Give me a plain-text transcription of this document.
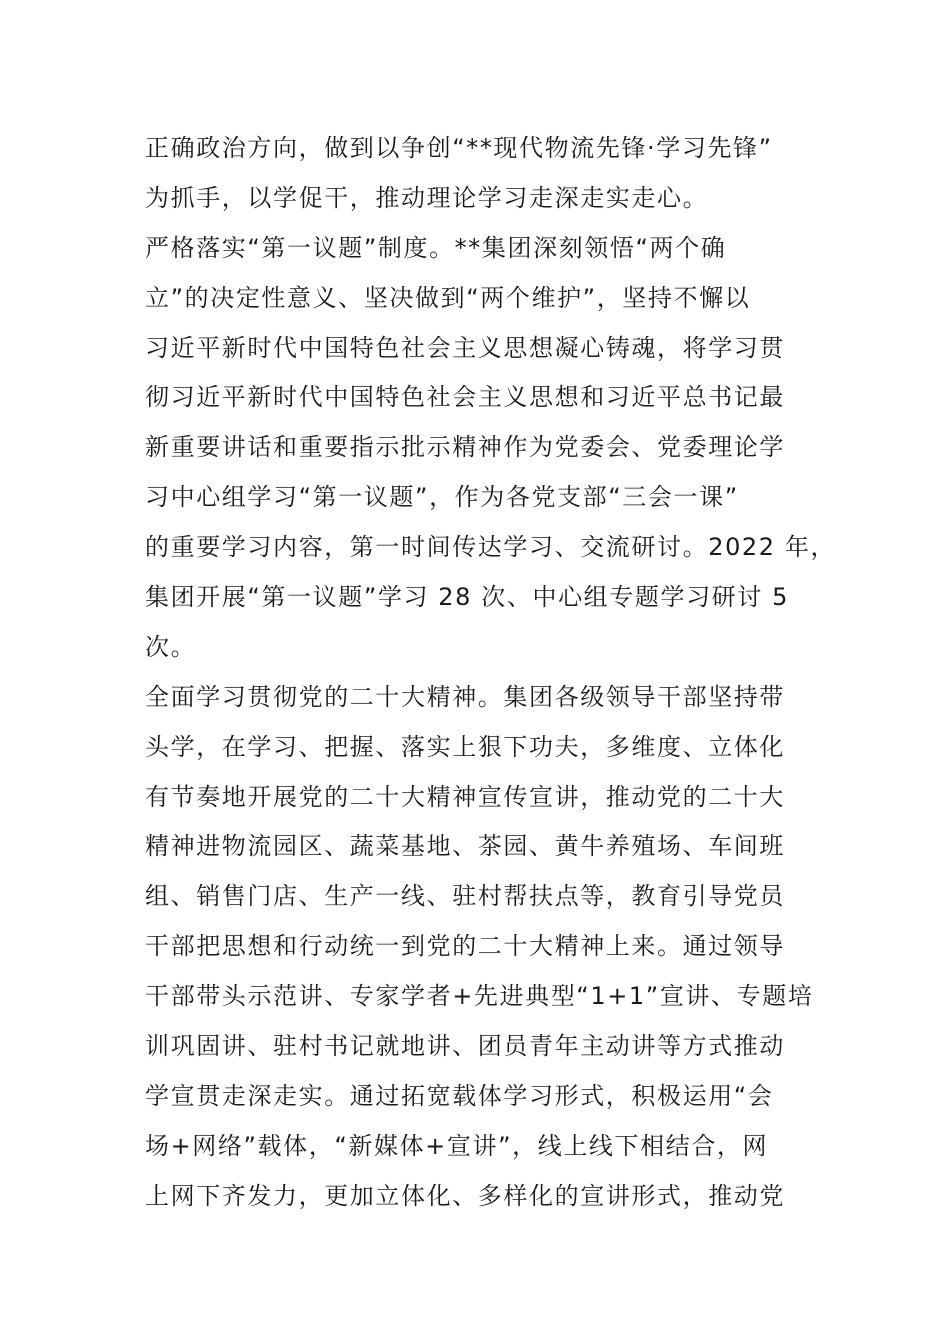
正确政治方向，做到以争创“**现代物流先锋·学习先锋”
为抓手，以学促干，推动理论学习走深走实走心。
严格落实“第一议题”制度。**集团深刻领悟“两个确
立”的决定性意义、坚决做到“两个维护”，坚持不懈以
习近平新时代中国特色社会主义思想凝心铸魂，将学习贯
彻习近平新时代中国特色社会主义思想和习近平总书记最
新重要讲话和重要指示批示精神作为党委会、党委理论学
习中心组学习“第一议题”，作为各党支部“三会一课”
的重要学习内容，第一时间传达学习、交流研讨。2022 年，
集团开展“第一议题”学习 28 次、中心组专题学习研讨 5
次。
全面学习贯彻党的二十大精神。集团各级领导干部坚持带
头学，在学习、把握、落实上狠下功夫，多维度、立体化
有节奏地开展党的二十大精神宣传宣讲，推动党的二十大
精神进物流园区、蔬菜基地、茶园、黄牛养殖场、车间班
组、销售门店、生产一线、驻村帮扶点等，教育引导党员
干部把思想和行动统一到党的二十大精神上来。通过领导
干部带头示范讲、专家学者+先进典型“1+1”宣讲、专题培
训巩固讲、驻村书记就地讲、团员青年主动讲等方式推动
学宣贯走深走实。通过拓宽载体学习形式，积极运用“会
场+网络”载体，“新媒体+宣讲”，线上线下相结合，网
上网下齐发力，更加立体化、多样化的宣讲形式，推动党
